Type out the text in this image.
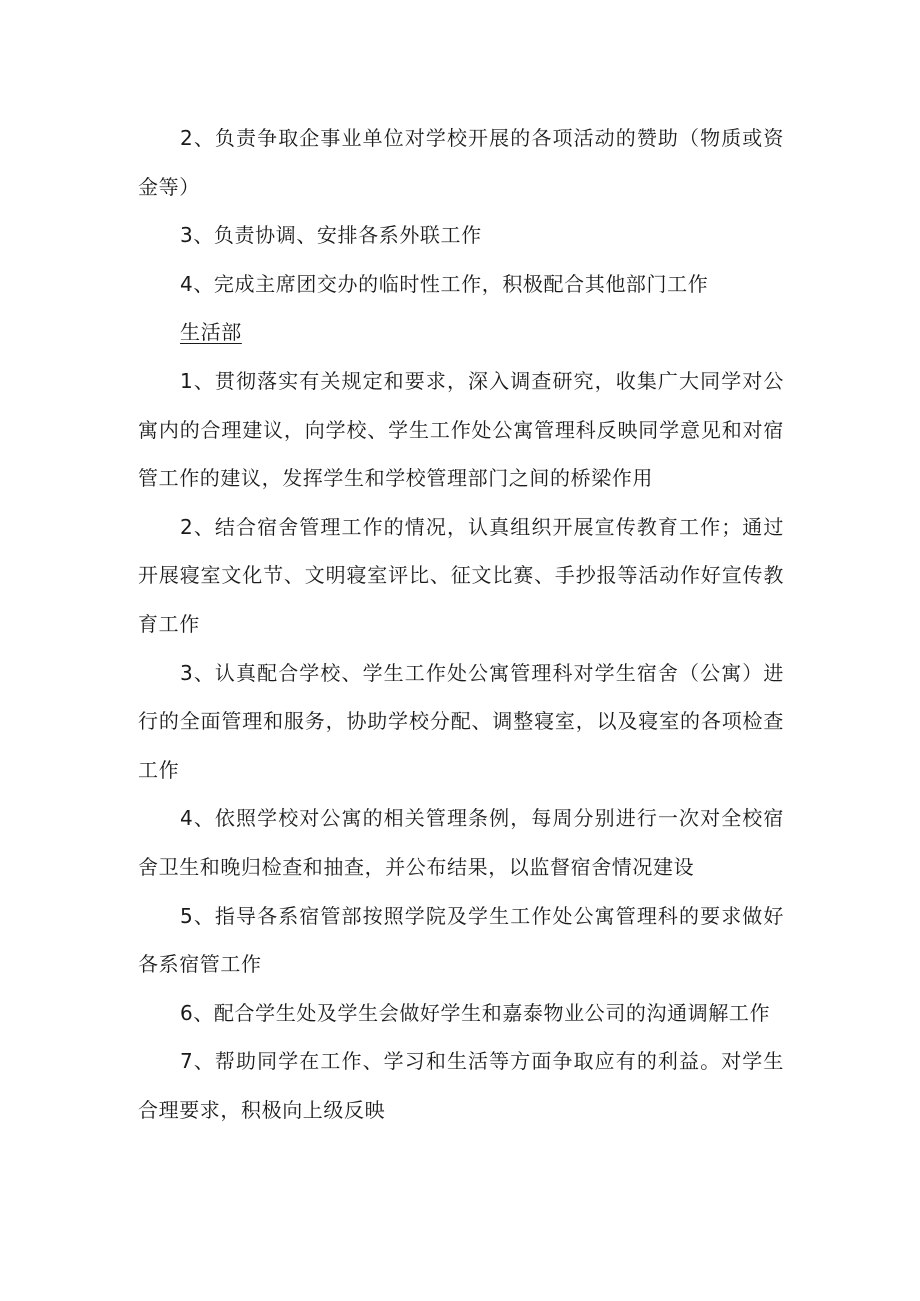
2、负责争取企事业单位对学校开展的各项活动的赞助（物质或资金等）

3、负责协调、安排各系外联工作

4、完成主席团交办的临时性工作，积极配合其他部门工作

生活部

1、贯彻落实有关规定和要求，深入调查研究，收集广大同学对公寓内的合理建议，向学校、学生工作处公寓管理科反映同学意见和对宿管工作的建议，发挥学生和学校管理部门之间的桥梁作用

2、结合宿舍管理工作的情况，认真组织开展宣传教育工作；通过开展寝室文化节、文明寝室评比、征文比赛、手抄报等活动作好宣传教育工作

3、认真配合学校、学生工作处公寓管理科对学生宿舍（公寓）进行的全面管理和服务，协助学校分配、调整寝室，以及寝室的各项检查工作

4、依照学校对公寓的相关管理条例，每周分别进行一次对全校宿舍卫生和晚归检查和抽查，并公布结果，以监督宿舍情况建设

5、指导各系宿管部按照学院及学生工作处公寓管理科的要求做好各系宿管工作

6、配合学生处及学生会做好学生和嘉泰物业公司的沟通调解工作

7、帮助同学在工作、学习和生活等方面争取应有的利益。对学生合理要求，积极向上级反映
